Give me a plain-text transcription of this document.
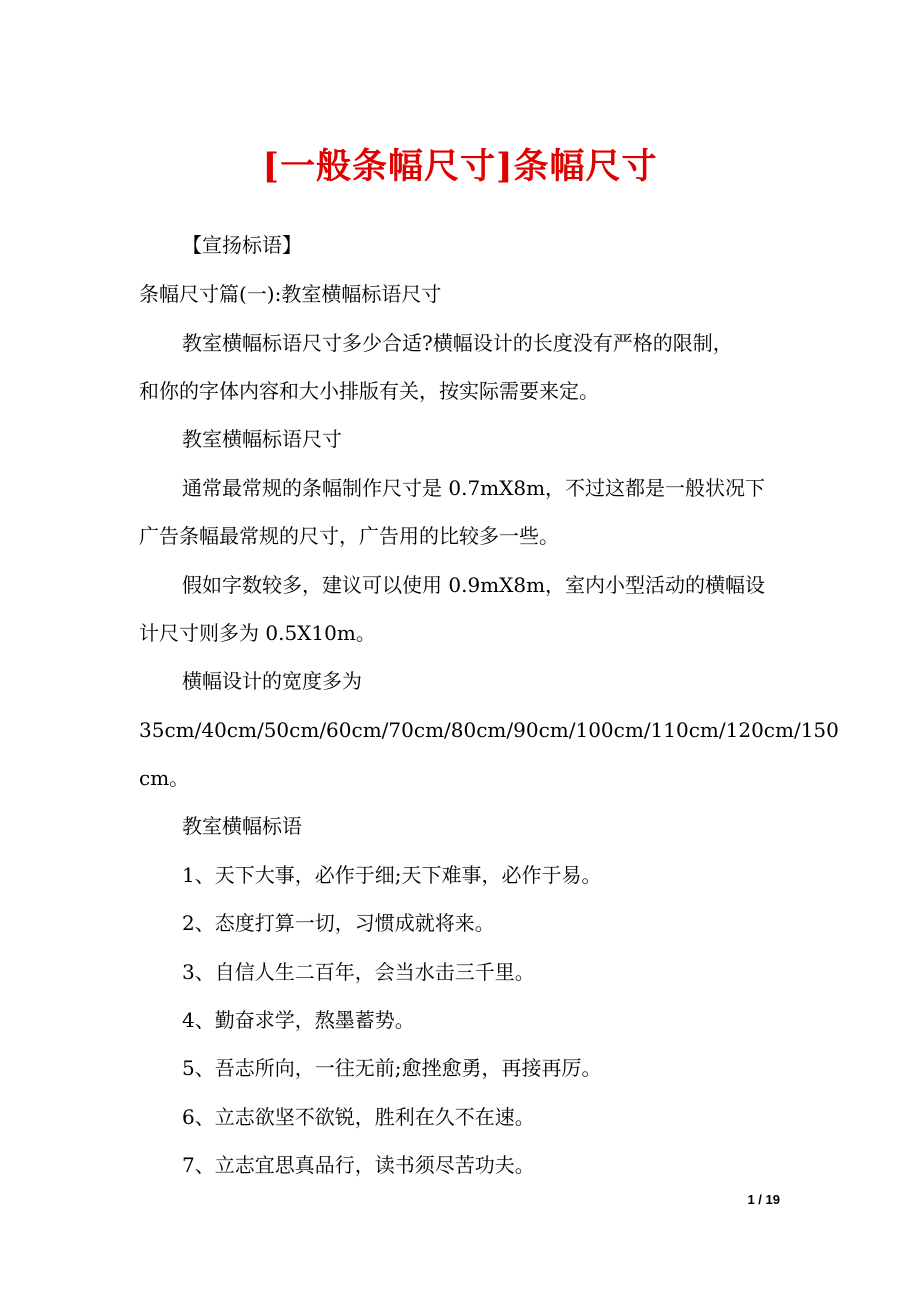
[一般条幅尺寸]条幅尺寸
【宣扬标语】
条幅尺寸篇(一):教室横幅标语尺寸
教室横幅标语尺寸多少合适?横幅设计的长度没有严格的限制，
和你的字体内容和大小排版有关，按实际需要来定。
教室横幅标语尺寸
通常最常规的条幅制作尺寸是 0.7mX8m，不过这都是一般状况下
广告条幅最常规的尺寸，广告用的比较多一些。
假如字数较多，建议可以使用 0.9mX8m，室内小型活动的横幅设
计尺寸则多为 0.5X10m。
横幅设计的宽度多为
35cm/40cm/50cm/60cm/70cm/80cm/90cm/100cm/110cm/120cm/150
cm。
教室横幅标语
1、天下大事，必作于细;天下难事，必作于易。
2、态度打算一切，习惯成就将来。
3、自信人生二百年，会当水击三千里。
4、勤奋求学，熬墨蓄势。
5、吾志所向，一往无前;愈挫愈勇，再接再厉。
6、立志欲坚不欲锐，胜利在久不在速。
7、立志宜思真品行，读书须尽苦功夫。
1 / 19
